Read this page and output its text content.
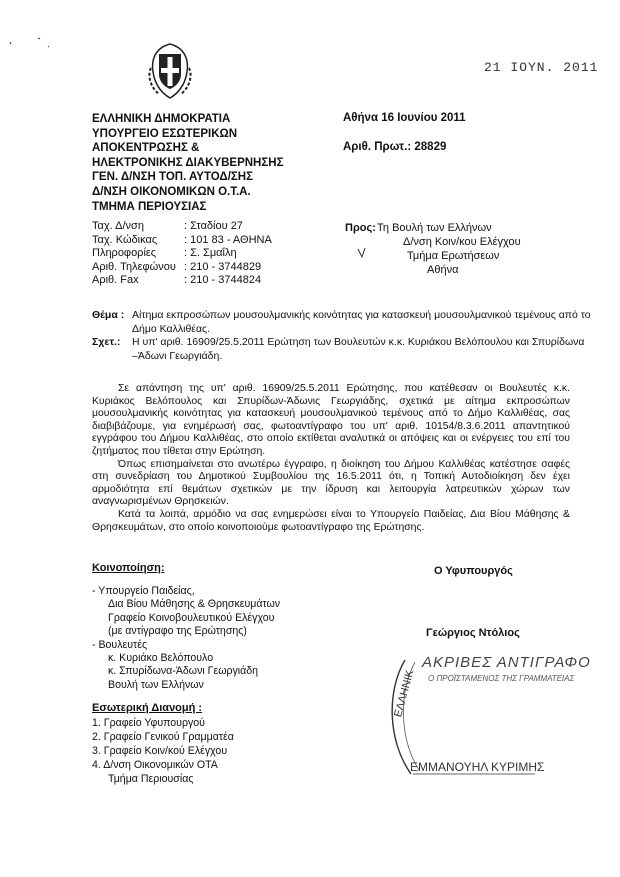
21 ΙΟΥΝ. 2011
ΕΛΛΗΝΙΚΗ ΔΗΜΟΚΡΑΤΙΑ
ΥΠΟΥΡΓΕΙΟ ΕΣΩΤΕΡΙΚΩΝ
ΑΠΟΚΕΝΤΡΩΣΗΣ &
ΗΛΕΚΤΡΟΝΙΚΗΣ ΔΙΑΚΥΒΕΡΝΗΣΗΣ
ΓΕΝ. Δ/ΝΣΗ ΤΟΠ. ΑΥΤΟΔ/ΣΗΣ
Δ/ΝΣΗ ΟΙΚΟΝΟΜΙΚΩΝ Ο.Τ.Α.
ΤΜΗΜΑ ΠΕΡΙΟΥΣΙΑΣ
Αθήνα 16 Ιουνίου 2011
Αριθ. Πρωτ.: 28829
Ταχ. Δ/νση	: Σταδίου 27
Ταχ. Κώδικας	: 101 83 - ΑΘΗΝΑ
Πληροφορίες	: Σ. Σμαΐλη
Αριθ. Τηλεφώνου : 210 - 3744829
Αριθ. Fax	: 210 - 3744824
Προς:Τη Βουλή των Ελλήνων
Δ/νση Κοιν/κου Ελέγχου
Τμήμα Ερωτήσεων
Αθήνα
Θέμα : Αίτημα εκπροσώπων μουσουλμανικής κοινότητας για κατασκευή μουσουλμανικού τεμένους από το Δήμο Καλλιθέας.
Σχετ.:	Η υπ' αριθ. 16909/25.5.2011 Ερώτηση των Βουλευτών κ.κ. Κυριάκου Βελόπουλου και Σπυρίδωνα –Άδωνι Γεωργιάδη.

Σε απάντηση της υπ' αριθ. 16909/25.5.2011 Ερώτησης, που κατέθεσαν οι Βουλευτές κ.κ. Κυριάκος Βελόπουλος και Σπυρίδων-Άδωνις Γεωργιάδης, σχετικά με αίτημα εκπροσώπων μουσουλμανικής κοινότητας για κατασκευή μουσουλμανικού τεμένους από το Δήμο Καλλιθέας, σας διαβιβάζουμε, για ενημέρωσή σας, φωτοαντίγραφο του υπ' αριθ. 10154/8.3.6.2011 απαντητικού εγγράφου του Δήμου Καλλιθέας, στο οποίο εκτίθεται αναλυτικά οι απόψεις και οι ενέργειες του επί του ζητήματος που τίθεται στην Ερώτηση.

Όπως επισημαίνεται στο ανωτέρω έγγραφο, η διοίκηση του Δήμου Καλλιθέας κατέστησε σαφές στη συνεδρίαση του Δημοτικού Συμβουλίου της 16.5.2011 ότι, η Τοπική Αυτοδιοίκηση δεν έχει αρμοδιότητα επί θεμάτων σχετικών με την ίδρυση και λειτουργία λατρευτικών χώρων των αναγνωρισμένων Θρησκειών.

Κατά τα λοιπά, αρμόδιο να σας ενημερώσει είναι το Υπουργείο Παιδείας, Δια Βίου Μάθησης & Θρησκευμάτων, στο οποίο κοινοποιούμε φωτοαντίγραφο της Ερώτησης.

Κοινοποίηση:
- Υπουργείο Παιδείας,
Δια Βίου Μάθησης & Θρησκευμάτων
Γραφείο Κοινοβουλευτικού Ελέγχου
(με αντίγραφο της Ερώτησης)
- Βουλευτές
κ. Κυριάκο Βελόπουλο
κ. Σπυρίδωνα-Άδωνι Γεωργιάδη
Βουλή των Ελλήνων
Εσωτερική Διανομή :
1. Γραφείο Υφυπουργού
2. Γραφείο Γενικού Γραμματέα
3. Γραφείο Κοιν/κού Ελέγχου
4. Δ/νση Οικονομικών ΟΤΑ
Τμήμα Περιουσίας
Ο Υφυπουργός
Γεώργιος Ντόλιος
ΕΛΛΗΝΙΚ
ΑΚΡΙΒΕΣ ΑΝΤΙΓΡΑΦΟ
Ο ΠΡΟΪΣΤΑΜΕΝΟΣ ΤΗΣ ΓΡΑΜΜΑΤΕΙΑΣ
ΕΜΜΑΝΟΥΗΛ ΚΥΡΙΜΗΣ
